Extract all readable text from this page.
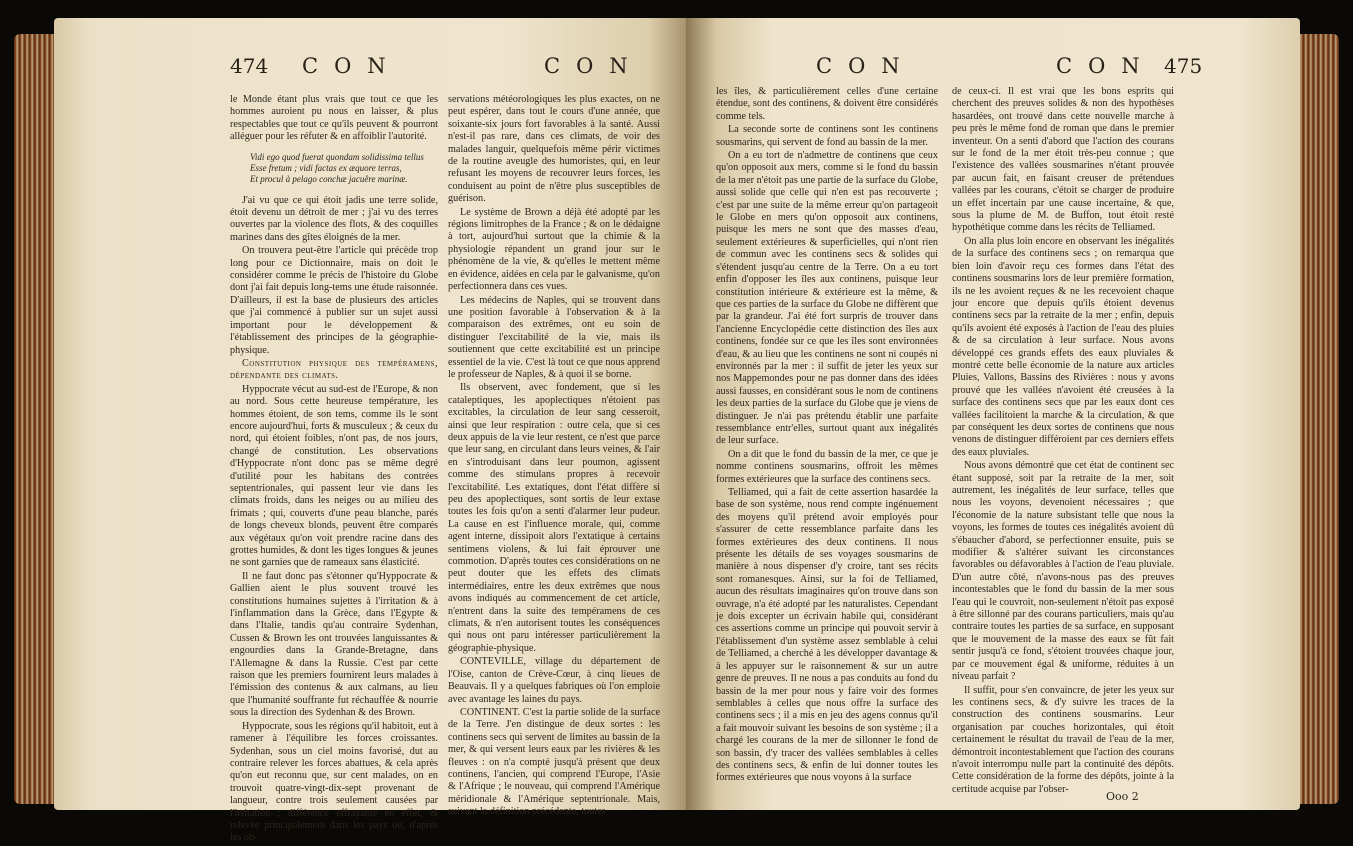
474 CON	CON

le Monde étant plus vrais que tout ce que les hommes auroient pu nous en laisser, & plus respectables que tout ce qu'ils peuvent & pourront alléguer pour les réfuter & en affoiblir l'autorité.

Vidi ego quod fuerat quondam solidissima tellus
Esse fretum ; vidi factas ex æquore terras,
Et procul à pelago conchæ jacuêre marinæ.

J'ai vu que ce qui étoit jadis une terre solide, étoit devenu un détroit de mer ; j'ai vu des terres ouvertes par la violence des flots, & des coquilles marines dans des gîtes éloignés de la mer.

On trouvera peut-être l'article qui précède trop long pour ce Dictionnaire, mais on doit le considérer comme le précis de l'histoire du Globe dont j'ai fait depuis long-tems une étude raisonnée. D'ailleurs, il est la base de plusieurs des articles que j'ai commencé à publier sur un sujet aussi important pour le développement & l'établissement des principes de la géographie-physique.

Constitution physique des tempéramens, dépendante des climats.

Hyppocrate vécut au sud-est de l'Europe, & non au nord. Sous cette heureuse température, les hommes étoient, de son tems, comme ils le sont encore aujourd'hui, forts & musculeux ; & ceux du nord, qui étoient foibles, n'ont pas, de nos jours, changé de constitution. Les observations d'Hyppocrate n'ont donc pas se même degré d'utilité pour les habitans des contrées septentrionales, qui passent leur vie dans les climats froids, dans les neiges ou au milieu des frimats ; qui, couverts d'une peau blanche, parés de longs cheveux blonds, peuvent être comparés aux végétaux qu'on voit prendre racine dans des grottes humides, & dont les tiges longues & jeunes ne sont garnies que de rameaux sans élasticité.

Il ne faut donc pas s'étonner qu'Hyppocrate & Gallien aient le plus souvent trouvé les constitutions humaines sujettes à l'irritation & à l'inflammation dans la Grèce, dans l'Egypte & dans l'Italie, tandis qu'au contraire Sydenhan, Cussen & Brown les ont trouvées languissantes & engourdies dans la Grande-Bretagne, dans l'Allemagne & dans la Russie. C'est par cette raison que les premiers fournirent leurs malades à l'émission des contenus & aux calmans, au lieu que l'humanité souffrante fut réchauffée & nourrie sous la direction des Sydenhan & des Brown.

Hyppocrate, sous les régions qu'il habitoit, eut à ramener à l'équilibre les forces croissantes. Sydenhan, sous un ciel moins favorisé, dut au contraire relever les forces abattues, & cela après qu'on eut reconnu que, sur cent malades, on en trouvoit quatre-vingt-dix-sept provenant de langueur, contre trois seulement causées par l'irritation ; différence effrayante en effet, & relevée principalement dans les pays où, d'après les ob-

servations météorologiques les plus exactes, on ne peut espérer, dans tout le cours d'une année, que soixante-six jours fort favorables à la santé. Aussi n'est-il pas rare, dans ces climats, de voir des malades languir, quelquefois même périr victimes de la routine aveugle des humoristes, qui, en leur refusant les moyens de recouvrer leurs forces, les conduisent au point de n'être plus susceptibles de guérison.

Le système de Brown a déjà été adopté par les régions limitrophes de la France ; & on le dédaigne à tort, aujourd'hui surtout que la chimie & la physiologie répandent un grand jour sur le phénomène de la vie, & qu'elles le mettent même en évidence, aidées en cela par le galvanisme, qu'on perfectionnera dans ces vues.

Les médecins de Naples, qui se trouvent dans une position favorable à l'observation & à la comparaison des extrêmes, ont eu soin de distinguer l'excitabilité de la vie, mais ils soutiennent que cette excitabilité est un principe essentiel de la vie. C'est là tout ce que nous apprend le professeur de Naples, & à quoi il se borne.

Ils observent, avec fondement, que si les cataleptiques, les apoplectiques n'étoient pas excitables, la circulation de leur sang cesseroit, ainsi que leur respiration : outre cela, que si ces deux appuis de la vie leur restent, ce n'est que parce que leur sang, en circulant dans leurs veines, & l'air en s'introduisant dans leur poumon, agissent comme des stimulans propres à recevoir l'excitabilité. Les extatiques, dont l'état diffère si peu des apoplectiques, sont sortis de leur extase toutes les fois qu'on a senti d'alarmer leur pudeur. La cause en est l'influence morale, qui, comme agent interne, dissipoit alors l'extatique à certains sentimens violens, & lui fait éprouver une commotion. D'après toutes ces considérations on ne peut douter que les effets des climats intermédiaires, entre les deux extrêmes que nous avons indiqués au commencement de cet article, n'entrent dans la suite des tempéramens de ces climats, & n'en autorisent toutes les conséquences qui nous ont paru intéresser particulièrement la géographie-physique.

CONTEVILLE, village du département de l'Oise, canton de Crève-Cœur, à cinq lieues de Beauvais. Il y a quelques fabriques où l'on emploie avec avantage les laines du pays.

CONTINENT. C'est la partie solide de la surface de la Terre. J'en distingue de deux sortes : les continens secs qui servent de limites au bassin de la mer, & qui versent leurs eaux par les rivières & les fleuves : on n'a compté jusqu'à présent que deux continens, l'ancien, qui comprend l'Europe, l'Asie & l'Afrique ; le nouveau, qui comprend l'Amérique méridionale & l'Amérique septentrionale. Mais, suivant la définition précédente, toutes

CON	CON 475

les îles, & particulièrement celles d'une certaine étendue, sont des continens, & doivent être considérés comme tels.

La seconde sorte de continens sont les continens sousmarins, qui servent de fond au bassin de la mer.

On a eu tort de n'admettre de continens que ceux qu'on opposoit aux mers, comme si le fond du bassin de la mer n'étoit pas une partie de la surface du Globe, aussi solide que celle qui n'en est pas recouverte ; c'est par une suite de la même erreur qu'on partageoit le Globe en mers qu'on opposoit aux continens, puisque les mers ne sont que des masses d'eau, seulement extérieures & superficielles, qui n'ont rien de commun avec les continens secs & solides qui s'étendent jusqu'au centre de la Terre. On a eu tort enfin d'opposer les îles aux continens, puisque leur constitution intérieure & extérieure est la même, & que ces parties de la surface du Globe ne diffèrent que par la grandeur. J'ai été fort surpris de trouver dans l'ancienne Encyclopédie cette distinction des îles aux continens, fondée sur ce que les îles sont environnées d'eau, & au lieu que les continens ne sont ni coupés ni environnés par la mer : il suffit de jeter les yeux sur nos Mappemondes pour ne pas donner dans des idées aussi fausses, en considérant sous le nom de continens les deux parties de la surface du Globe que je viens de distinguer. Je n'ai pas prétendu établir une parfaite ressemblance entr'elles, surtout quant aux inégalités de leur surface.

On a dit que le fond du bassin de la mer, ce que je nomme continens sousmarins, offroit les mêmes formes extérieures que la surface des continens secs.

Telliamed, qui a fait de cette assertion hasardée la base de son système, nous rend compte ingénuement des moyens qu'il prétend avoir employés pour s'assurer de cette ressemblance parfaite dans les formes extérieures des deux continens. Il nous présente les détails de ses voyages sousmarins de manière à nous dispenser d'y croire, tant ses récits sont romanesques. Ainsi, sur la foi de Telliamed, aucun des résultats imaginaires qu'on trouve dans son ouvrage, n'a été adopté par les naturalistes. Cependant je dois excepter un écrivain habile qui, considérant ces assertions comme un principe qui pouvoit servir à l'établissement d'un système assez semblable à celui de Telliamed, a cherché à les développer davantage & à les appuyer sur le raisonnement & sur un autre genre de preuves. Il ne nous a pas conduits au fond du bassin de la mer pour nous y faire voir des formes semblables à celles que nous offre la surface des continens secs ; il a mis en jeu des agens connus qu'il a fait mouvoir suivant les besoins de son système ; il a chargé les courans de la mer de sillonner le fond de son bassin, d'y tracer des vallées semblables à celles des continens secs, & enfin de lui donner toutes les formes extérieures que nous voyons à la surface

de ceux-ci. Il est vrai que les bons esprits qui cherchent des preuves solides & non des hypothèses hasardées, ont trouvé dans cette nouvelle marche à peu près le même fond de roman que dans le premier inventeur. On a senti d'abord que l'action des courans sur le fond de la mer étoit très-peu connue ; que l'existence des vallées sousmarines n'étant prouvée par aucun fait, en faisant creuser de prétendues vallées par les courans, c'étoit se charger de produire un effet incertain par une cause incertaine, & que, sous la plume de M. de Buffon, tout étoit resté hypothétique comme dans les récits de Telliamed.

On alla plus loin encore en observant les inégalités de la surface des continens secs ; on remarqua que bien loin d'avoir reçu ces formes dans l'état des continens sousmarins lors de leur première formation, ils ne les avoient reçues & ne les recevoient chaque jour encore que depuis qu'ils étoient devenus continens secs par la retraite de la mer ; enfin, depuis qu'ils avoient été exposés à l'action de l'eau des pluies & de sa circulation à leur surface. Nous avons développé ces grands effets des eaux pluviales & montré cette belle économie de la nature aux articles Pluies, Vallons, Bassins des Rivières : nous y avons prouvé que les vallées n'avoient été creusées à la surface des continens secs que par les eaux dont ces vallées facilitoient la marche & la circulation, & que par conséquent les deux sortes de continens que nous venons de distinguer différoient par ces derniers effets des eaux pluviales.

Nous avons démontré que cet état de continent sec étant supposé, soit par la retraite de la mer, soit autrement, les inégalités de leur surface, telles que nous les voyons, devenoient nécessaires ; que l'économie de la nature subsistant telle que nous la voyons, les formes de toutes ces inégalités avoient dû s'ébaucher d'abord, se perfectionner ensuite, puis se modifier & s'altérer suivant les circonstances favorables ou défavorables à l'action de l'eau pluviale. D'un autre côté, n'avons-nous pas des preuves incontestables que le fond du bassin de la mer sous l'eau qui le couvroit, non-seulement n'étoit pas exposé à être sillonné par des courans particuliers, mais qu'au contraire toutes les parties de sa surface, en supposant que le mouvement de la masse des eaux se fût fait sentir jusqu'à ce fond, s'étoient trouvées chaque jour, par ce mouvement égal & uniforme, réduites à un niveau parfait ?

Il suffit, pour s'en convaincre, de jeter les yeux sur les continens secs, & d'y suivre les traces de la construction des continens sousmarins. Leur organisation par couches horizontales, qui étoit certainement le résultat du travail de l'eau de la mer, démontroit incontestablement que l'action des courans n'avoit interrompu nulle part la continuité des dépôts. Cette considération de la forme des dépôts, jointe à la certitude acquise par l'obser-

Ooo 2
